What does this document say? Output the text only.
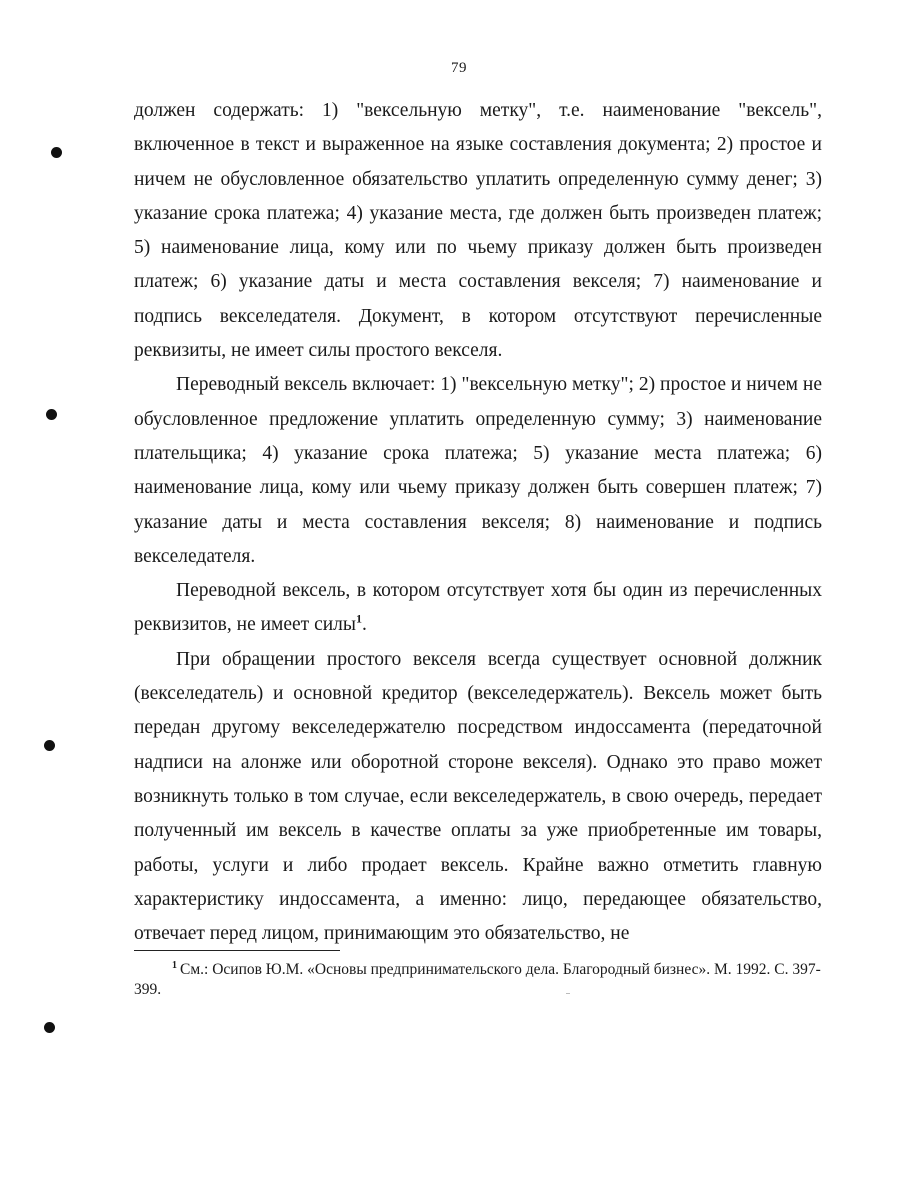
79

должен содержать: 1) "вексельную метку", т.е. наименование "вексель", включенное в текст и выраженное на языке составления документа; 2) простое и ничем не обусловленное обязательство уплатить определенную сумму денег; 3) указание срока платежа; 4) указание места, где должен быть произведен платеж; 5) наименование лица, кому или по чьему приказу должен быть произведен платеж; 6) указание даты и места составления векселя; 7) наименование и подпись векселедателя. Документ, в котором отсутствуют перечисленные реквизиты, не имеет силы простого векселя.

Переводный вексель включает: 1) "вексельную метку"; 2) простое и ничем не обусловленное предложение уплатить определенную сумму; 3) наименование плательщика; 4) указание срока платежа; 5) указание места платежа; 6) наименование лица, кому или чьему приказу должен быть совершен платеж; 7) указание даты и места составления векселя; 8) наименование и подпись векселедателя.

Переводной вексель, в котором отсутствует хотя бы один из перечисленных реквизитов, не имеет силы$^1$.

При обращении простого векселя всегда существует основной должник (векселедатель) и основной кредитор (векселедержатель). Вексель может быть передан другому векселедержателю посредством индоссамента (передаточной надписи на алонже или оборотной стороне векселя). Однако это право может возникнуть только в том случае, если векселедержатель, в свою очередь, передает полученный им вексель в качестве оплаты за уже приобретенные им товары, работы, услуги и либо продает вексель. Крайне важно отметить главную характеристику индоссамента, а именно: лицо, передающее обязательство, отвечает перед лицом, принимающим это обязательство, не

$^1$ См.: Осипов Ю.М. «Основы предпринимательского дела. Благородный бизнес». М. 1992. С. 397-399.
